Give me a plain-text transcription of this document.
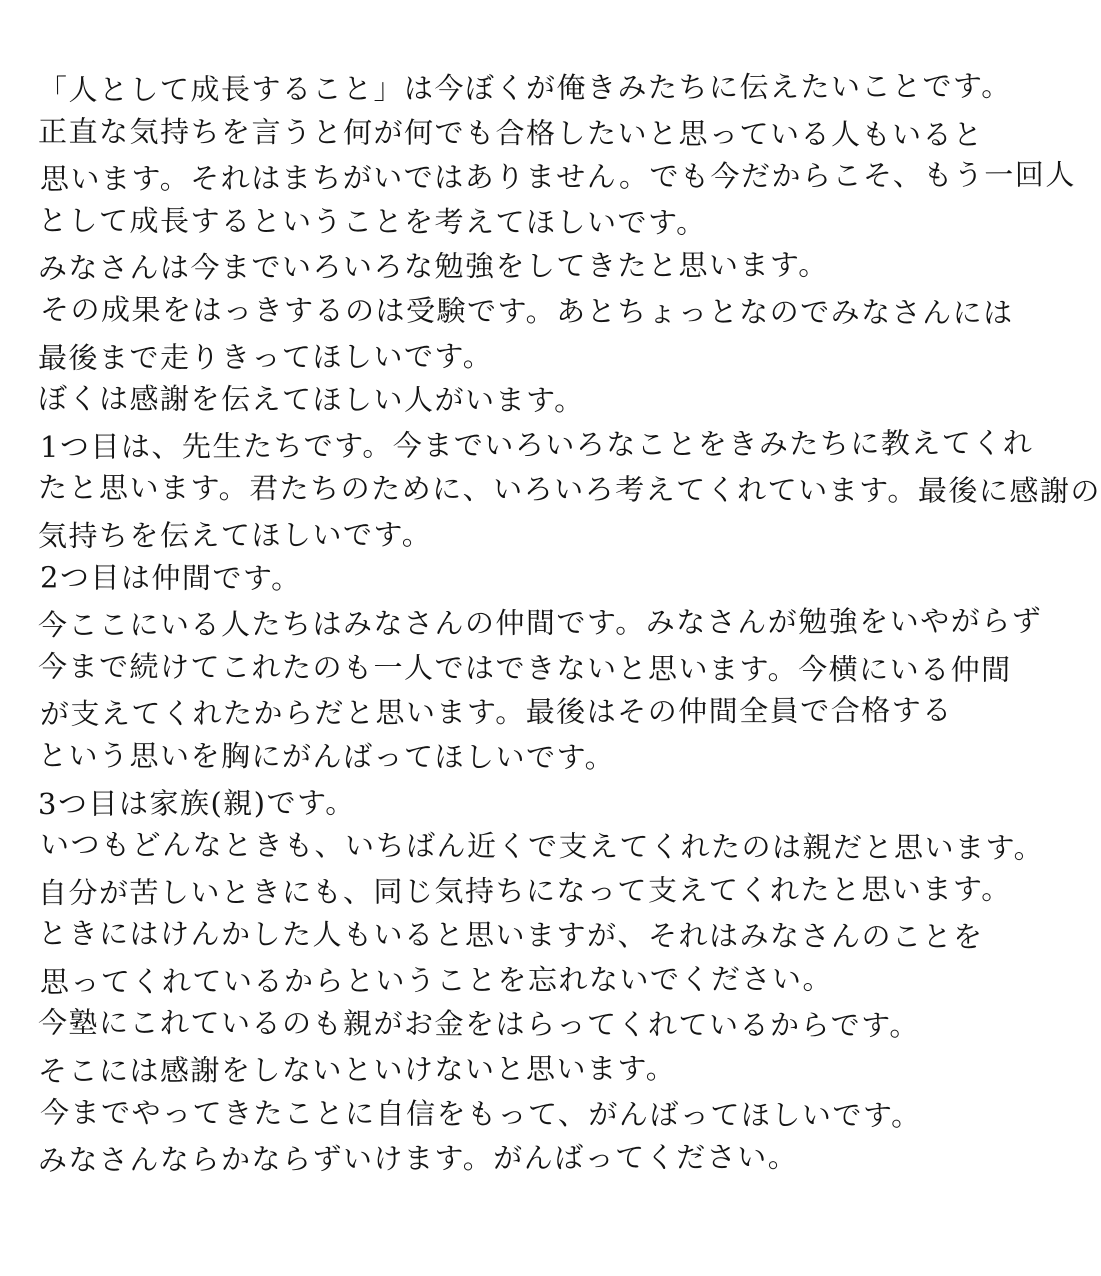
「人として成長すること」は今ぼくが俺きみたちに伝えたいことです。
正直な気持ちを言うと何が何でも合格したいと思っている人もいると
思います。それはまちがいではありません。でも今だからこそ、もう一回人
として成長するということを考えてほしいです。
みなさんは今までいろいろな勉強をしてきたと思います。
その成果をはっきするのは受験です。あとちょっとなのでみなさんには
最後まで走りきってほしいです。
ぼくは感謝を伝えてほしい人がいます。
1つ目は、先生たちです。今までいろいろなことをきみたちに教えてくれ
たと思います。君たちのために、いろいろ考えてくれています。最後に感謝の
気持ちを伝えてほしいです。
2つ目は仲間です。
今ここにいる人たちはみなさんの仲間です。みなさんが勉強をいやがらず
今まで続けてこれたのも一人ではできないと思います。今横にいる仲間
が支えてくれたからだと思います。最後はその仲間全員で合格する
という思いを胸にがんばってほしいです。
3つ目は家族(親)です。
いつもどんなときも、いちばん近くで支えてくれたのは親だと思います。
自分が苦しいときにも、同じ気持ちになって支えてくれたと思います。
ときにはけんかした人もいると思いますが、それはみなさんのことを
思ってくれているからということを忘れないでください。
今塾にこれているのも親がお金をはらってくれているからです。
そこには感謝をしないといけないと思います。
今までやってきたことに自信をもって、がんばってほしいです。
みなさんならかならずいけます。がんばってください。
